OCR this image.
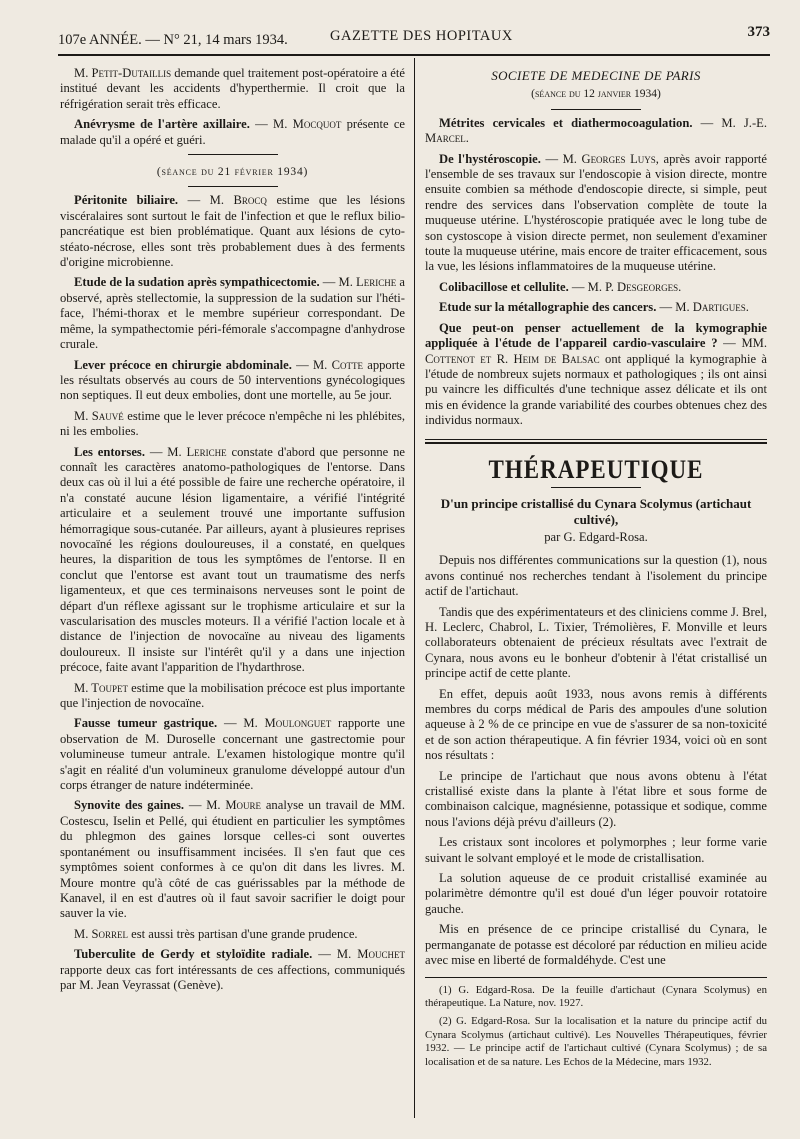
107e ANNÉE. — N° 21, 14 mars 1934.	GAZETTE DES HOPITAUX	373

M. Petit-Dutaillis demande quel traitement post-opératoire a été institué devant les accidents d'hyperthermie. Il croit que la réfrigération serait très efficace.

Anévrysme de l'artère axillaire. — M. Mocquot présente ce malade qu'il a opéré et guéri.

(séance du 21 février 1934)

Péritonite biliaire. — M. Brocq estime que les lésions viscéralaires sont surtout le fait de l'infection et que le reflux bilio-pancréatique est bien problématique. Quant aux lésions de cyto-stéato-nécrose, elles sont très probablement dues à des ferments d'origine microbienne.

Etude de la sudation après sympathicectomie. — M. Leriche a observé, après stellectomie, la suppression de la sudation sur l'héti-face, l'hémi-thorax et le membre supérieur correspondant. De même, la sympathectomie péri-fémorale s'accompagne d'anhydrose crurale.

Lever précoce en chirurgie abdominale. — M. Cotte apporte les résultats observés au cours de 50 interventions gynécologiques non septiques. Il eut deux embolies, dont une mortelle, au 5e jour.

M. Sauvé estime que le lever précoce n'empêche ni les phlébites, ni les embolies.

Les entorses. — M. Leriche constate d'abord que personne ne connaît les caractères anatomo-pathologiques de l'entorse. Dans deux cas où il lui a été possible de faire une recherche opératoire, il n'a constaté aucune lésion ligamentaire, a vérifié l'intégrité articulaire et a seulement trouvé une importante suffusion hémorragique sous-cutanée. Par ailleurs, ayant à plusieures reprises novocaïné les régions douloureuses, il a constaté, en quelques heures, la disparition de tous les symptômes de l'entorse. Il en conclut que l'entorse est avant tout un traumatisme des nerfs ligamenteux, et que ces terminaisons nerveuses sont le point de départ d'un réflexe agissant sur le trophisme articulaire et sur la vascularisation des muscles moteurs. Il a vérifié l'action locale et à distance de l'injection de novocaïne au niveau des ligaments douloureux. Il insiste sur l'intérêt qu'il y a dans une injection précoce, faite avant l'apparition de l'hydarthrose.

M. Toupet estime que la mobilisation précoce est plus importante que l'injection de novocaïne.

Fausse tumeur gastrique. — M. Moulonguet rapporte une observation de M. Duroselle concernant une gastrectomie pour volumineuse tumeur antrale. L'examen histologique montre qu'il s'agit en réalité d'un volumineux granulome développé autour d'un corps étranger de nature indéterminée.

Synovite des gaines. — M. Moure analyse un travail de MM. Costescu, Iselin et Pellé, qui étudient en particulier les symptômes du phlegmon des gaines lorsque celles-ci sont ouvertes spontanément ou insuffisamment incisées. Il s'en faut que ces symptômes soient conformes à ce qu'on dit dans les livres. M. Moure montre qu'à côté de cas guérissables par la méthode de Kanavel, il en est d'autres où il faut savoir sacrifier le doigt pour sauver la vie.

M. Sorrel est aussi très partisan d'une grande prudence.

Tuberculite de Gerdy et styloïdite radiale. — M. Mouchet rapporte deux cas fort intéressants de ces affections, communiqués par M. Jean Veyrassat (Genève).

SOCIETE DE MEDECINE DE PARIS
(séance du 12 janvier 1934)

Métrites cervicales et diathermocoagulation. — M. J.-E. Marcel.

De l'hystéroscopie. — M. Georges Luys, après avoir rapporté l'ensemble de ses travaux sur l'endoscopie à vision directe, montre ensuite combien sa méthode d'endoscopie directe, si simple, peut rendre des services dans l'observation complète de toute la muqueuse utérine. L'hystéroscopie pratiquée avec le long tube de son cystoscope à vision directe permet, non seulement d'examiner toute la muqueuse utérine, mais encore de traiter efficacement, sous la vue, les lésions inflammatoires de la muqueuse utérine.

Colibacillose et cellulite. — M. P. Desgeorges.

Etude sur la métallographie des cancers. — M. Dartigues.

Que peut-on penser actuellement de la kymographie appliquée à l'étude de l'appareil cardio-vasculaire ? — MM. Cottenot et R. Heim de Balsac ont appliqué la kymographie à l'étude de nombreux sujets normaux et pathologiques ; ils ont ainsi pu vaincre les difficultés d'une technique assez délicate et ils ont mis en évidence la grande variabilité des courbes obtenues chez des individus normaux.

THÉRAPEUTIQUE
D'un principe cristallisé du Cynara Scolymus (artichaut cultivé),
par G. Edgard-Rosa.

Depuis nos différentes communications sur la question (1), nous avons continué nos recherches tendant à l'isolement du principe actif de l'artichaut.

Tandis que des expérimentateurs et des cliniciens comme J. Brel, H. Leclerc, Chabrol, L. Tixier, Trémolières, F. Monville et leurs collaborateurs obtenaient de précieux résultats avec l'extrait de Cynara, nous avons eu le bonheur d'obtenir à l'état cristallisé un principe actif de cette plante.

En effet, depuis août 1933, nous avons remis à différents membres du corps médical de Paris des ampoules d'une solution aqueuse à 2 % de ce principe en vue de s'assurer de sa non-toxicité et de son action thérapeutique. A fin février 1934, voici où en sont nos résultats :

Le principe de l'artichaut que nous avons obtenu à l'état cristallisé existe dans la plante à l'état libre et sous forme de combinaison calcique, magnésienne, potassique et sodique, comme nous l'avions déjà prévu d'ailleurs (2).

Les cristaux sont incolores et polymorphes ; leur forme varie suivant le solvant employé et le mode de cristallisation.

La solution aqueuse de ce produit cristallisé examinée au polarimètre démontre qu'il est doué d'un léger pouvoir rotatoire gauche.

Mis en présence de ce principe cristallisé du Cynara, le permanganate de potasse est décoloré par réduction en milieu acide avec mise en liberté de formaldéhyde. C'est une

(1) G. Edgard-Rosa. De la feuille d'artichaut (Cynara Scolymus) en thérapeutique. La Nature, nov. 1927.

(2) G. Edgard-Rosa. Sur la localisation et la nature du principe actif du Cynara Scolymus (artichaut cultivé). Les Nouvelles Thérapeutiques, février 1932. — Le principe actif de l'artichaut cultivé (Cynara Scolymus) ; de sa localisation et de sa nature. Les Echos de la Médecine, mars 1932.
